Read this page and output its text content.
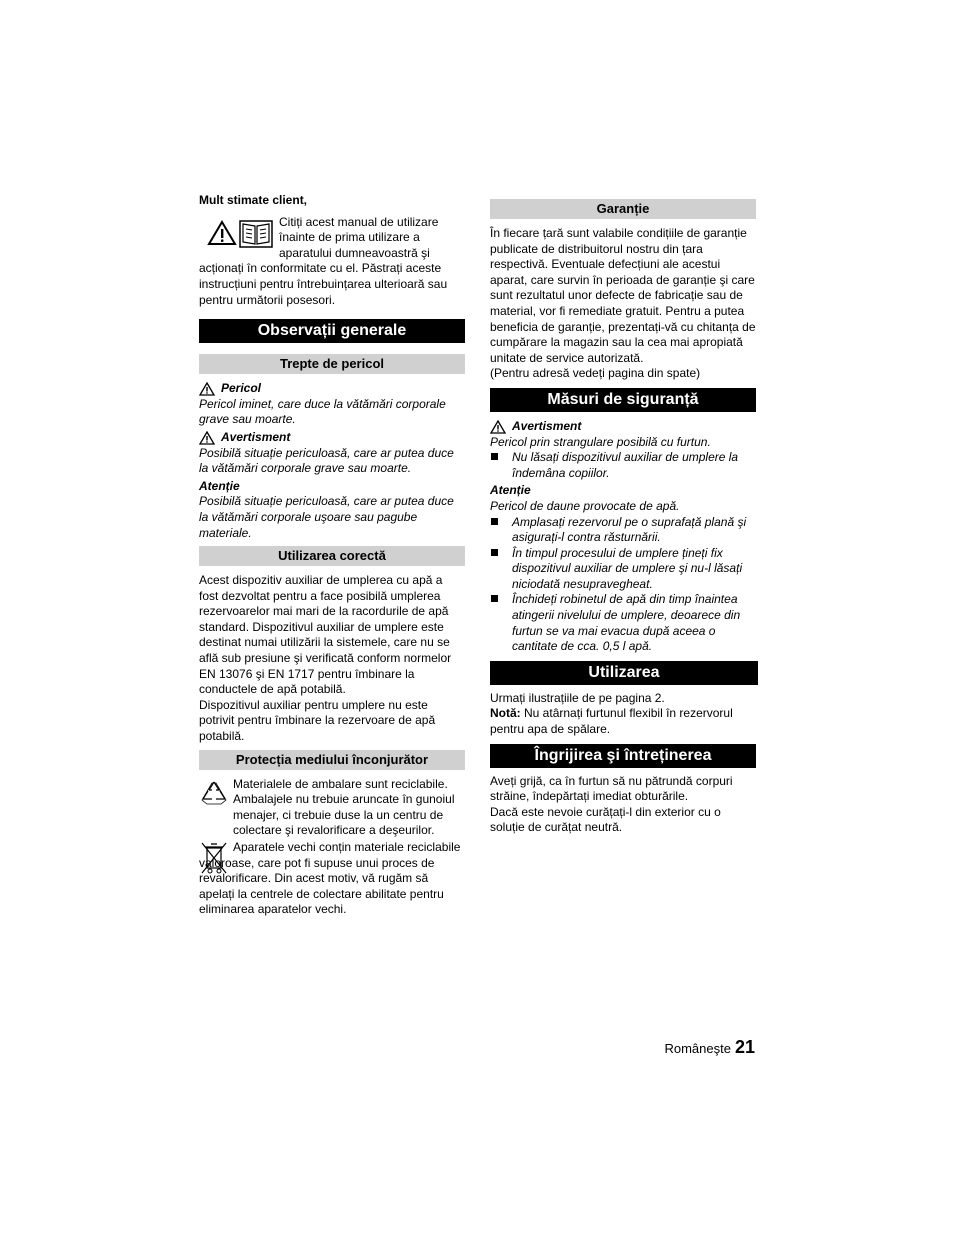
Mult stimate client,

Citiți acest manual de utilizare

înainte de prima utilizare a

aparatului dumneavoastră şi

acționați în conformitate cu el. Păstrați aceste instrucțiuni pentru întrebuințarea ulterioară sau pentru următorii posesori.

Observații generale
Trepte de pericol
Pericol

Pericol iminet, care duce la vătămări corporale grave sau moarte.

Avertisment

Posibilă situație periculoasă, care ar putea duce la vătămări corporale grave sau moarte.

Atenție

Posibilă situație periculoasă, care ar putea duce la vătămări corporale uşoare sau pagube materiale.

Utilizarea corectă

Acest dispozitiv auxiliar de umplerea cu apă a fost dezvoltat pentru a face posibilă umplerea rezervoarelor mai mari de la racordurile de apă standard. Dispozitivul auxiliar de umplere este destinat numai utilizării la sistemele, care nu se află sub presiune şi verificată conform normelor EN 13076 şi EN 1717 pentru îmbinare la conductele de apă potabilă.

Dispozitivul auxiliar pentru umplere nu este potrivit pentru îmbinare la rezervoare de apă potabilă.

Protecția mediului înconjurător

Materialele de ambalare sunt reciclabile. Ambalajele nu trebuie aruncate în gunoiul menajer, ci trebuie duse la un centru de colectare şi revalorificare a deşeurilor.

Aparatele vechi conțin materiale reciclabile valoroase, care pot fi supuse unui proces de revalorificare. Din acest motiv, vă rugăm să apelați la centrele de colectare abilitate pentru eliminarea aparatelor vechi.

Garanție

În fiecare țară sunt valabile condițiile de garanție publicate de distribuitorul nostru din țara respectivă. Eventuale defecțiuni ale acestui aparat, care survin în perioada de garanție şi care sunt rezultatul unor defecte de fabricație sau de material, vor fi remediate gratuit. Pentru a putea beneficia de garanție, prezentați-vă cu chitanța de cumpărare la magazin sau la cea mai apropiată unitate de service autorizată.

(Pentru adresă vedeți pagina din spate)

Măsuri de siguranță
Avertisment

Pericol prin strangulare posibilă cu furtun.

Nu lăsați dispozitivul auxiliar de umplere la îndemâna copiilor.

Atenție

Pericol de daune provocate de apă.

Amplasați rezervorul pe o suprafață plană şi asigurați-l contra răsturnării.
În timpul procesului de umplere țineți fix dispozitivul auxiliar de umplere şi nu-l lăsați niciodată nesupravegheat.
Închideți robinetul de apă din timp înaintea atingerii nivelului de umplere, deoarece din furtun se va mai evacua după aceea o cantitate de cca. 0,5 l apă.
Utilizarea

Urmați ilustrațiile de pe pagina 2.

Notă: Nu atârnați furtunul flexibil în rezervorul pentru apa de spălare.

Îngrijirea şi întreținerea

Aveți grijă, ca în furtun să nu pătrundă corpuri străine, îndepărtați imediat obturările.

Dacă este nevoie curățați-l din exterior cu o soluție de curățat neutră.

Româneşte 21
